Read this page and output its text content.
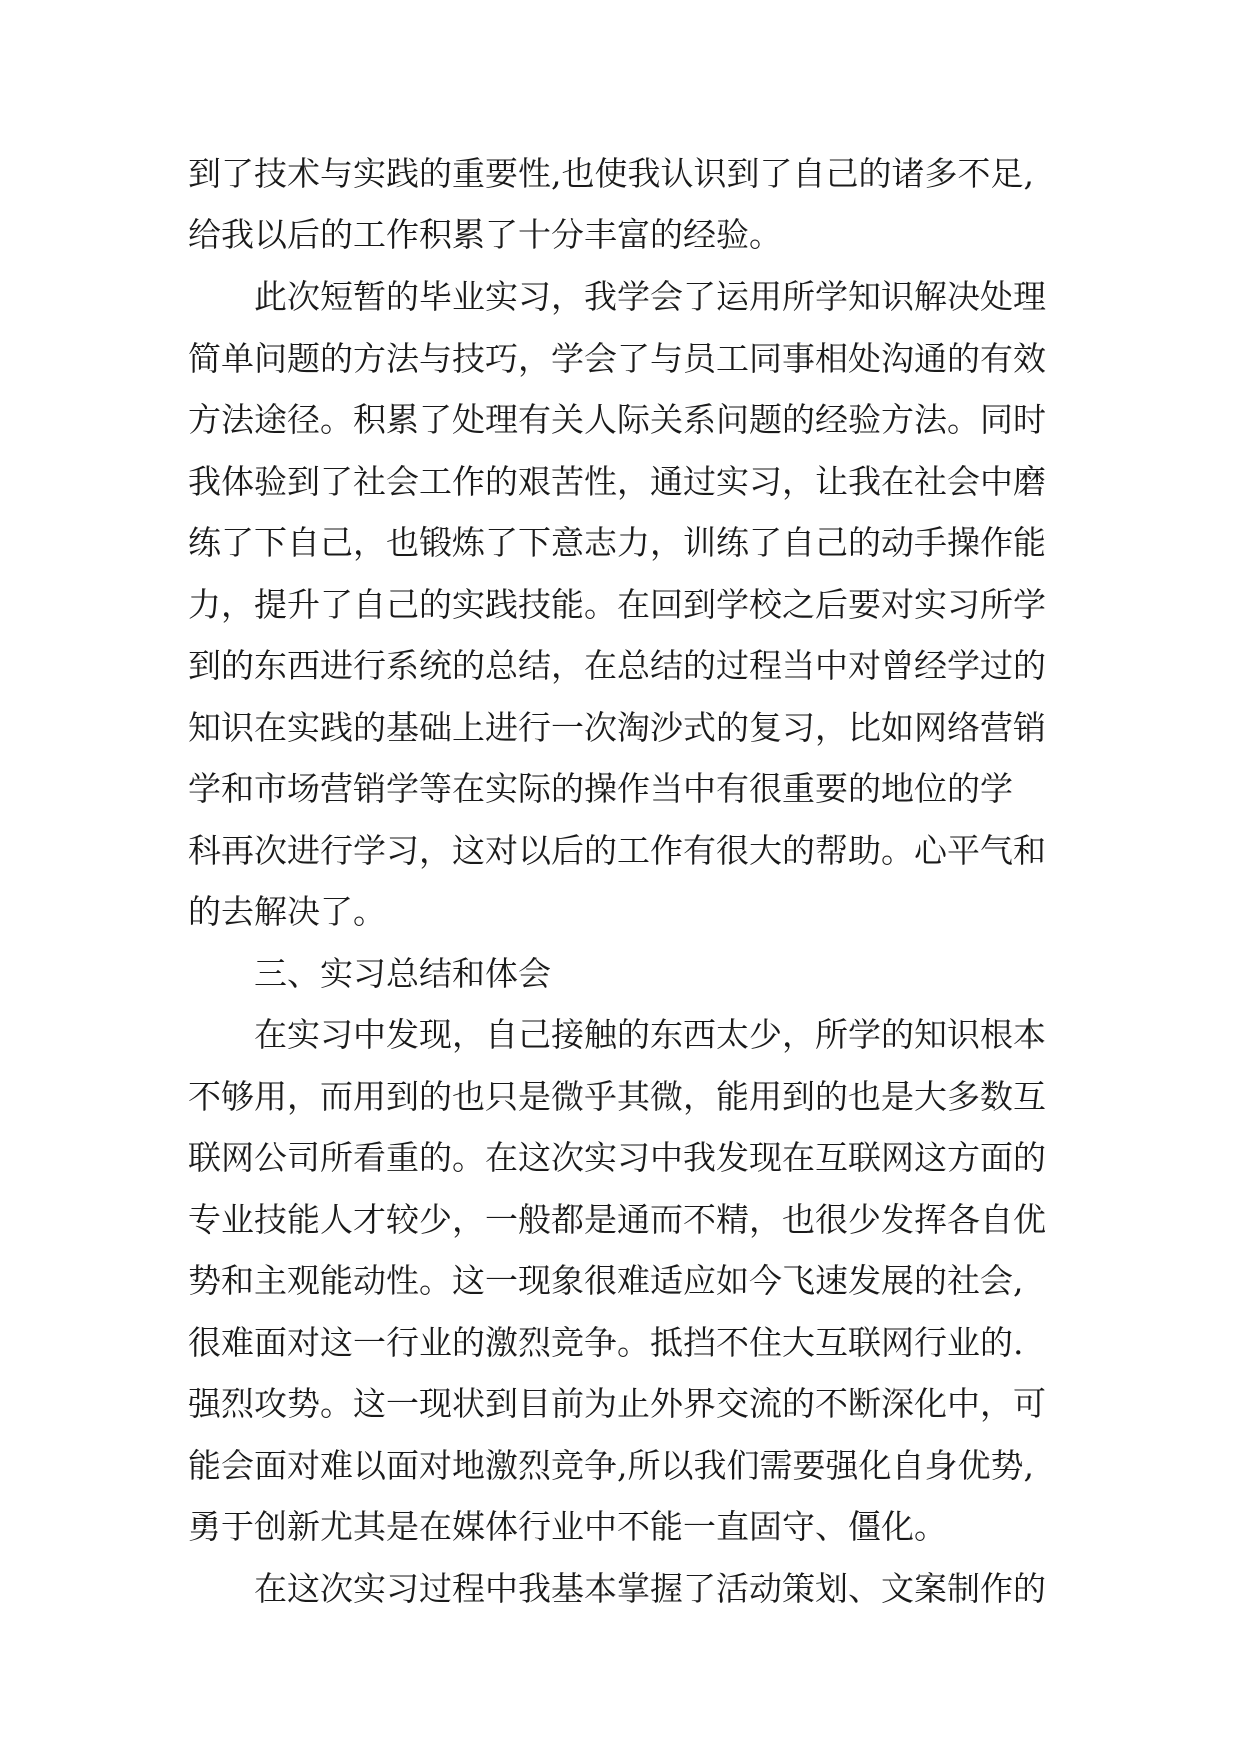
到了技术与实践的重要性,也使我认识到了自己的诸多不足,
给我以后的工作积累了十分丰富的经验。
此次短暂的毕业实习，我学会了运用所学知识解决处理
简单问题的方法与技巧，学会了与员工同事相处沟通的有效
方法途径。积累了处理有关人际关系问题的经验方法。同时
我体验到了社会工作的艰苦性，通过实习，让我在社会中磨
练了下自己，也锻炼了下意志力，训练了自己的动手操作能
力，提升了自己的实践技能。在回到学校之后要对实习所学
到的东西进行系统的总结，在总结的过程当中对曾经学过的
知识在实践的基础上进行一次淘沙式的复习，比如网络营销
学和市场营销学等在实际的操作当中有很重要的地位的学
科再次进行学习，这对以后的工作有很大的帮助。心平气和
的去解决了。
三、实习总结和体会
在实习中发现，自己接触的东西太少，所学的知识根本
不够用，而用到的也只是微乎其微，能用到的也是大多数互
联网公司所看重的。在这次实习中我发现在互联网这方面的
专业技能人才较少，一般都是通而不精，也很少发挥各自优
势和主观能动性。这一现象很难适应如今飞速发展的社会,
很难面对这一行业的激烈竞争。抵挡不住大互联网行业的.
强烈攻势。这一现状到目前为止外界交流的不断深化中，可
能会面对难以面对地激烈竞争,所以我们需要强化自身优势,
勇于创新尤其是在媒体行业中不能一直固守、僵化。
在这次实习过程中我基本掌握了活动策划、文案制作的
